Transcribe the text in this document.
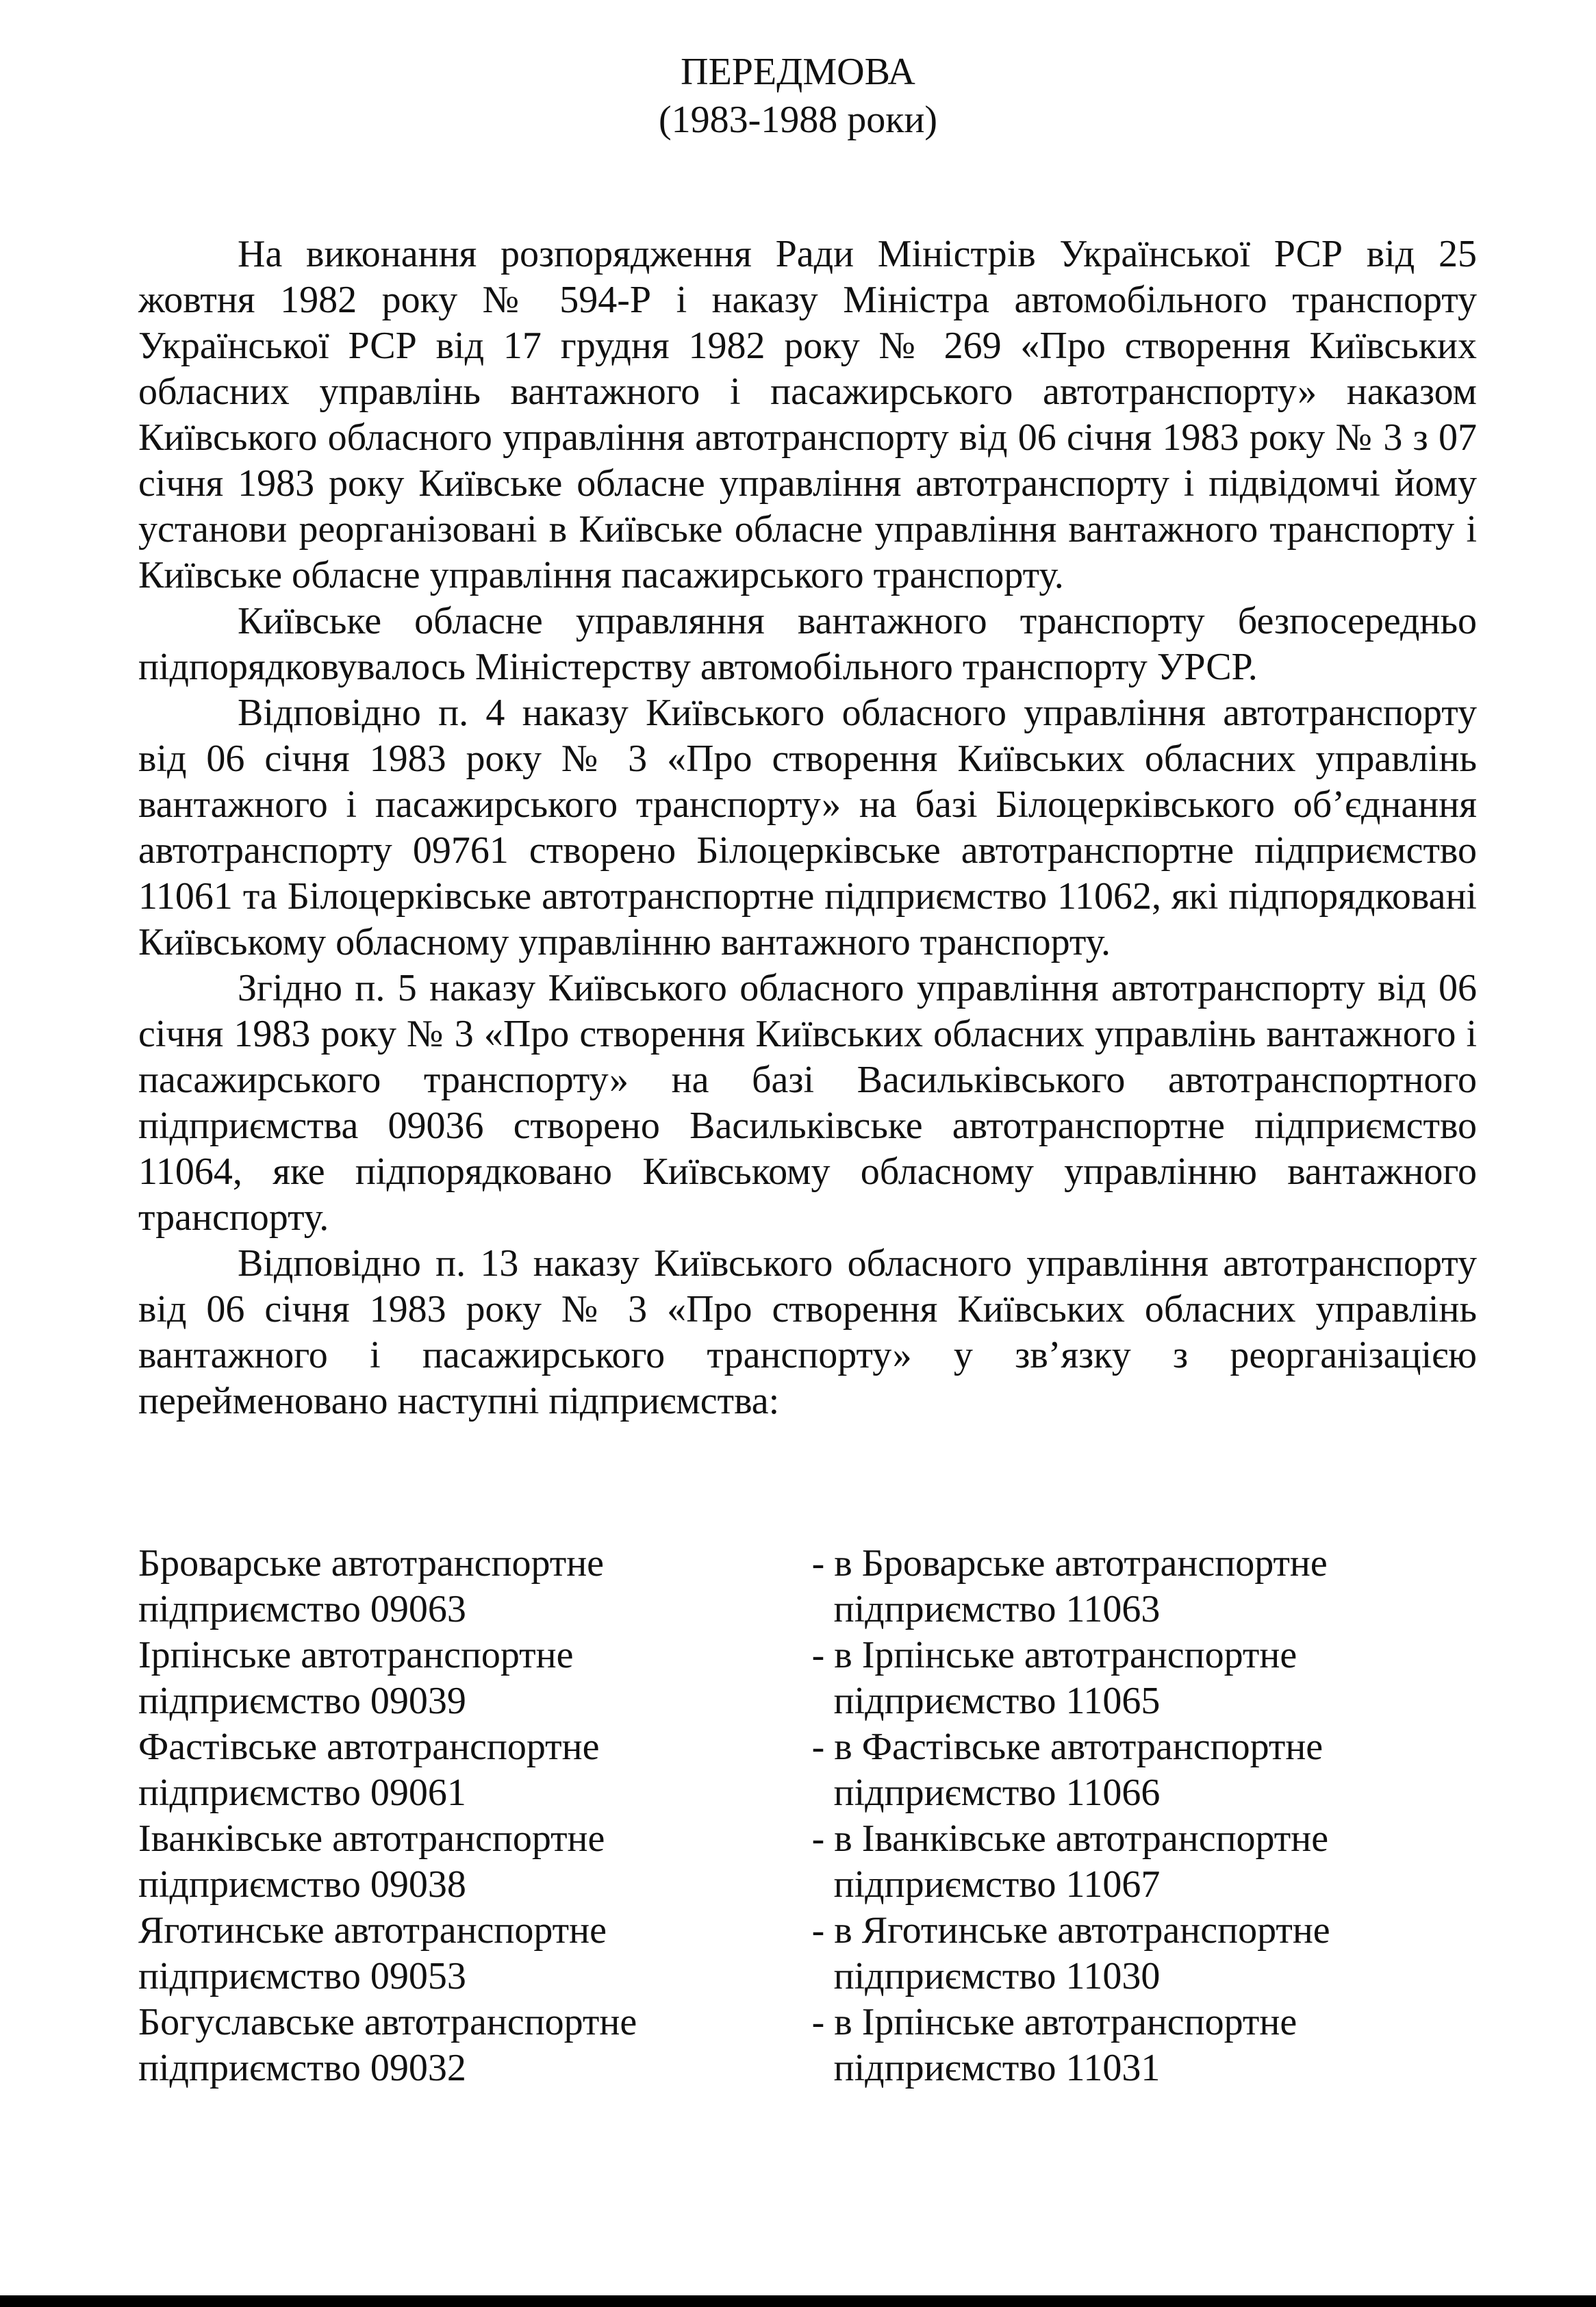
ПЕРЕДМОВА
(1983-1988 роки)

На виконання розпорядження Ради Міністрів Української РСР від 25 жовтня 1982 року № 594-Р і наказу Міністра автомобільного транспорту Української РСР від 17 грудня 1982 року № 269 «Про створення Київських обласних управлінь вантажного і пасажирського автотранспорту» наказом Київського обласного управління автотранспорту від 06 січня 1983 року № 3 з 07 січня 1983 року Київське обласне управління автотранспорту і підвідомчі йому установи реорганізовані в Київське обласне управління вантажного транспорту і Київське обласне управління пасажирського транспорту.

Київське обласне управляння вантажного транспорту безпосередньо підпорядковувалось Міністерству автомобільного транспорту УРСР.

Відповідно п. 4 наказу Київського обласного управління автотранспорту від 06 січня 1983 року № 3 «Про створення Київських обласних управлінь вантажного і пасажирського транспорту» на базі Білоцерківського об’єднання автотранспорту 09761 створено Білоцерківське автотранспортне підприємство 11061 та Білоцерківське автотранспортне підприємство 11062, які підпорядковані Київському обласному управлінню вантажного транспорту.

Згідно п. 5 наказу Київського обласного управління автотранспорту від 06 січня 1983 року № 3 «Про створення Київських обласних управлінь вантажного і пасажирського транспорту» на базі Васильківського автотранспортного підприємства 09036 створено Васильківське автотранспортне підприємство 11064, яке підпорядковано Київському обласному управлінню вантажного транспорту.

Відповідно п. 13 наказу Київського обласного управління автотранспорту від 06 січня 1983 року № 3 «Про створення Київських обласних управлінь вантажного і пасажирського транспорту» у зв’язку з реорганізацією перейменовано наступні підприємства:

Броварське автотранспортне
підприємство 09063
- в Броварське автотранспортне
підприємство 11063
Ірпінське автотранспортне
підприємство 09039
- в Ірпінське автотранспортне
підприємство 11065
Фастівське автотранспортне
підприємство 09061
- в Фастівське автотранспортне
підприємство 11066
Іванківське автотранспортне
підприємство 09038
- в Іванківське автотранспортне
підприємство 11067
Яготинське автотранспортне
підприємство 09053
- в Яготинське автотранспортне
підприємство 11030
Богуславське автотранспортне
підприємство 09032
- в Ірпінське автотранспортне
підприємство 11031
